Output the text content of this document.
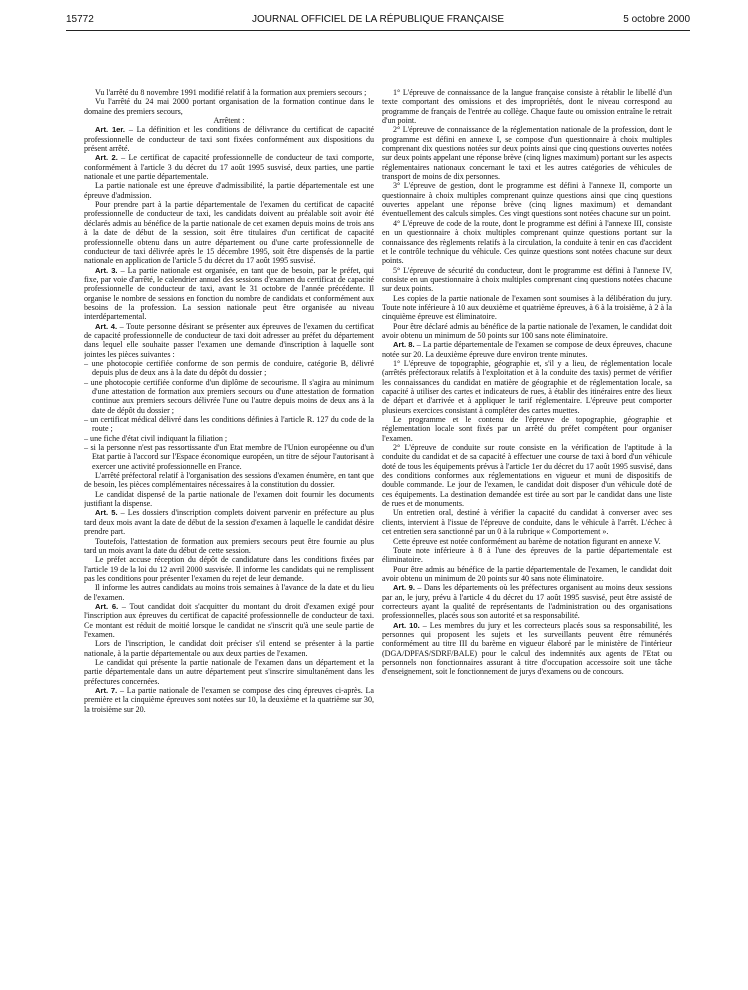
15772	JOURNAL OFFICIEL DE LA RÉPUBLIQUE FRANÇAISE	5 octobre 2000

Vu l'arrêté du 8 novembre 1991 modifié relatif à la formation aux premiers secours ;

Vu l'arrêté du 24 mai 2000 portant organisation de la formation continue dans le domaine des premiers secours,

Arrêtent :

Art. 1er. – La définition et les conditions de délivrance du certificat de capacité professionnelle de conducteur de taxi sont fixées conformément aux dispositions du présent arrêté.

Art. 2. – Le certificat de capacité professionnelle de conducteur de taxi comporte, conformément à l'article 3 du décret du 17 août 1995 susvisé, deux parties, une partie nationale et une partie départementale.

La partie nationale est une épreuve d'admissibilité, la partie départementale est une épreuve d'admission.

Pour prendre part à la partie départementale de l'examen du certificat de capacité professionnelle de conducteur de taxi, les candidats doivent au préalable soit avoir été déclarés admis au bénéfice de la partie nationale de cet examen depuis moins de trois ans à la date de début de la session, soit être titulaires d'un certificat de capacité professionnelle obtenu dans un autre département ou d'une carte professionnelle de conducteur de taxi délivrée après le 15 décembre 1995, soit être dispensés de la partie nationale en application de l'article 5 du décret du 17 août 1995 susvisé.

Art. 3. – La partie nationale est organisée, en tant que de besoin, par le préfet, qui fixe, par voie d'arrêté, le calendrier annuel des sessions d'examen du certificat de capacité professionnelle de conducteur de taxi, avant le 31 octobre de l'année précédente. Il organise le nombre de sessions en fonction du nombre de candidats et conformément aux besoins de la profession. La session nationale peut être organisée au niveau interdépartemental.

Art. 4. – Toute personne désirant se présenter aux épreuves de l'examen du certificat de capacité professionnelle de conducteur de taxi doit adresser au préfet du département dans lequel elle souhaite passer l'examen une demande d'inscription à laquelle sont jointes les pièces suivantes :

– une photocopie certifiée conforme de son permis de conduire, catégorie B, délivré depuis plus de deux ans à la date du dépôt du dossier ;

– une photocopie certifiée conforme d'un diplôme de secourisme. Il s'agira au minimum d'une attestation de formation aux premiers secours ou d'une attestation de formation continue aux premiers secours délivrée l'une ou l'autre depuis moins de deux ans à la date de dépôt du dossier ;

– un certificat médical délivré dans les conditions définies à l'article R. 127 du code de la route ;

– une fiche d'état civil indiquant la filiation ;

– si la personne n'est pas ressortissante d'un Etat membre de l'Union européenne ou d'un Etat partie à l'accord sur l'Espace économique européen, un titre de séjour l'autorisant à exercer une activité professionnelle en France.

L'arrêté préfectoral relatif à l'organisation des sessions d'examen énumère, en tant que de besoin, les pièces complémentaires nécessaires à la constitution du dossier.

Le candidat dispensé de la partie nationale de l'examen doit fournir les documents justifiant la dispense.

Art. 5. – Les dossiers d'inscription complets doivent parvenir en préfecture au plus tard deux mois avant la date de début de la session d'examen à laquelle le candidat désire prendre part.

Toutefois, l'attestation de formation aux premiers secours peut être fournie au plus tard un mois avant la date du début de cette session.

Le préfet accuse réception du dépôt de candidature dans les conditions fixées par l'article 19 de la loi du 12 avril 2000 susvisée. Il informe les candidats qui ne remplissent pas les conditions pour présenter l'examen du rejet de leur demande.

Il informe les autres candidats au moins trois semaines à l'avance de la date et du lieu de l'examen.

Art. 6. – Tout candidat doit s'acquitter du montant du droit d'examen exigé pour l'inscription aux épreuves du certificat de capacité professionnelle de conducteur de taxi. Ce montant est réduit de moitié lorsque le candidat ne s'inscrit qu'à une seule partie de l'examen.

Lors de l'inscription, le candidat doit préciser s'il entend se présenter à la partie nationale, à la partie départementale ou aux deux parties de l'examen.

Le candidat qui présente la partie nationale de l'examen dans un département et la partie départementale dans un autre département peut s'inscrire simultanément dans les préfectures concernées.

Art. 7. – La partie nationale de l'examen se compose des cinq épreuves ci-après. La première et la cinquième épreuves sont notées sur 10, la deuxième et la quatrième sur 30, la troisième sur 20.

1° L'épreuve de connaissance de la langue française consiste à rétablir le libellé d'un texte comportant des omissions et des impropriétés, dont le niveau correspond au programme de français de l'entrée au collège. Chaque faute ou omission entraîne le retrait d'un point.

2° L'épreuve de connaissance de la réglementation nationale de la profession, dont le programme est défini en annexe I, se compose d'un questionnaire à choix multiples comprenant dix questions notées sur deux points ainsi que cinq questions ouvertes notées sur deux points appelant une réponse brève (cinq lignes maximum) portant sur les aspects réglementaires nationaux concernant le taxi et les autres catégories de véhicules de transport de moins de dix personnes.

3° L'épreuve de gestion, dont le programme est défini à l'annexe II, comporte un questionnaire à choix multiples comprenant quinze questions ainsi que cinq questions ouvertes appelant une réponse brève (cinq lignes maximum) et demandant éventuellement des calculs simples. Ces vingt questions sont notées chacune sur un point.

4° L'épreuve de code de la route, dont le programme est défini à l'annexe III, consiste en un questionnaire à choix multiples comprenant quinze questions portant sur la connaissance des règlements relatifs à la circulation, la conduite à tenir en cas d'accident et le contrôle technique du véhicule. Ces quinze questions sont notées chacune sur deux points.

5° L'épreuve de sécurité du conducteur, dont le programme est défini à l'annexe IV, consiste en un questionnaire à choix multiples comprenant cinq questions notées chacune sur deux points.

Les copies de la partie nationale de l'examen sont soumises à la délibération du jury. Toute note inférieure à 10 aux deuxième et quatrième épreuves, à 6 à la troisième, à 2 à la cinquième épreuve est éliminatoire.

Pour être déclaré admis au bénéfice de la partie nationale de l'examen, le candidat doit avoir obtenu un minimum de 50 points sur 100 sans note éliminatoire.

Art. 8. – La partie départementale de l'examen se compose de deux épreuves, chacune notée sur 20. La deuxième épreuve dure environ trente minutes.

1° L'épreuve de topographie, géographie et, s'il y a lieu, de réglementation locale (arrêtés préfectoraux relatifs à l'exploitation et à la conduite des taxis) permet de vérifier les connaissances du candidat en matière de géographie et de réglementation locale, sa capacité à utiliser des cartes et indicateurs de rues, à établir des itinéraires entre des lieux de départ et d'arrivée et à appliquer le tarif réglementaire. L'épreuve peut comporter plusieurs exercices consistant à compléter des cartes muettes.

Le programme et le contenu de l'épreuve de topographie, géographie et réglementation locale sont fixés par un arrêté du préfet compétent pour organiser l'examen.

2° L'épreuve de conduite sur route consiste en la vérification de l'aptitude à la conduite du candidat et de sa capacité à effectuer une course de taxi à bord d'un véhicule doté de tous les équipements prévus à l'article 1er du décret du 17 août 1995 susvisé, dans des conditions conformes aux réglementations en vigueur et muni de dispositifs de double commande. Le jour de l'examen, le candidat doit disposer d'un véhicule doté de ces équipements. La destination demandée est tirée au sort par le candidat dans une liste de rues et de monuments.

Un entretien oral, destiné à vérifier la capacité du candidat à converser avec ses clients, intervient à l'issue de l'épreuve de conduite, dans le véhicule à l'arrêt. L'échec à cet entretien sera sanctionné par un 0 à la rubrique « Comportement ».

Cette épreuve est notée conformément au barème de notation figurant en annexe V.

Toute note inférieure à 8 à l'une des épreuves de la partie départementale est éliminatoire.

Pour être admis au bénéfice de la partie départementale de l'examen, le candidat doit avoir obtenu un minimum de 20 points sur 40 sans note éliminatoire.

Art. 9. – Dans les départements où les préfectures organisent au moins deux sessions par an, le jury, prévu à l'article 4 du décret du 17 août 1995 susvisé, peut être assisté de correcteurs ayant la qualité de représentants de l'administration ou des organisations professionnelles, placés sous son autorité et sa responsabilité.

Art. 10. – Les membres du jury et les correcteurs placés sous sa responsabilité, les personnes qui proposent les sujets et les surveillants peuvent être rémunérés conformément au titre III du barème en vigueur élaboré par le ministère de l'intérieur (DGA/DPFAS/SDRF/BALE) pour le calcul des indemnités aux agents de l'Etat ou personnels non fonctionnaires assurant à titre d'occupation accessoire soit une tâche d'enseignement, soit le fonctionnement de jurys d'examens ou de concours.
